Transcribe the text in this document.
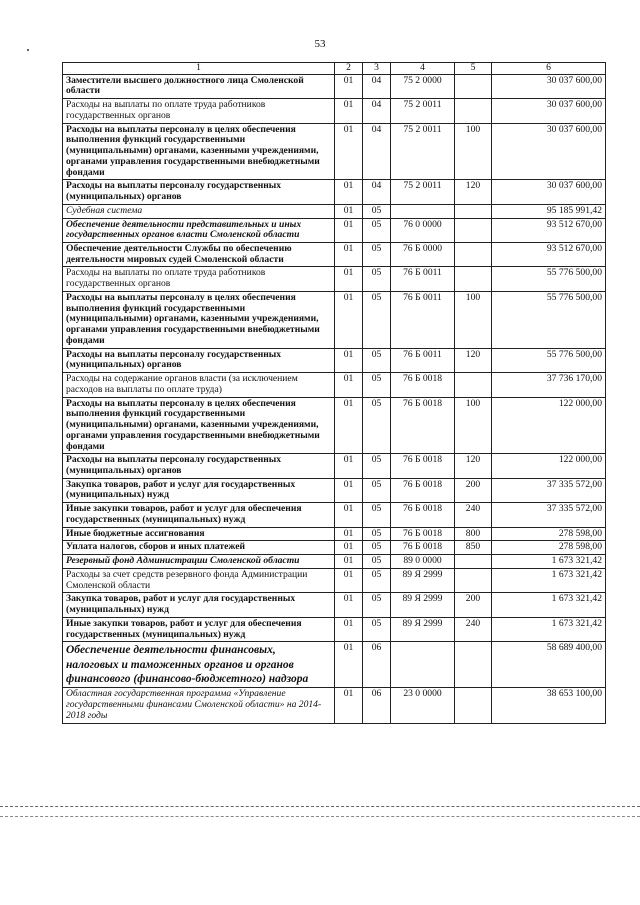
53
1	2	3	4	5	6
Заместители высшего должностного лица Смоленской области	01	04	75 2 0000		30 037 600,00
Расходы на выплаты по оплате труда работников государственных органов	01	04	75 2 0011		30 037 600,00
Расходы на выплаты персоналу в целях обеспечения выполнения функций государственными (муниципальными) органами, казенными учреждениями, органами управления государственными внебюджетными фондами	01	04	75 2 0011	100	30 037 600,00
Расходы на выплаты персоналу государственных (муниципальных) органов	01	04	75 2 0011	120	30 037 600,00
Судебная система	01	05			95 185 991,42
Обеспечение деятельности представительных и иных государственных органов власти Смоленской области	01	05	76 0 0000		93 512 670,00
Обеспечение деятельности Службы по обеспечению деятельности мировых судей Смоленской области	01	05	76 Б 0000		93 512 670,00
Расходы на выплаты по оплате труда работников государственных органов	01	05	76 Б 0011		55 776 500,00
Расходы на выплаты персоналу в целях обеспечения выполнения функций государственными (муниципальными) органами, казенными учреждениями, органами управления государственными внебюджетными фондами	01	05	76 Б 0011	100	55 776 500,00
Расходы на выплаты персоналу государственных (муниципальных) органов	01	05	76 Б 0011	120	55 776 500,00
Расходы на содержание органов власти (за исключением расходов на выплаты по оплате труда)	01	05	76 Б 0018		37 736 170,00
Расходы на выплаты персоналу в целях обеспечения выполнения функций государственными (муниципальными) органами, казенными учреждениями, органами управления государственными внебюджетными фондами	01	05	76 Б 0018	100	122 000,00
Расходы на выплаты персоналу государственных (муниципальных) органов	01	05	76 Б 0018	120	122 000,00
Закупка товаров, работ и услуг для государственных (муниципальных) нужд	01	05	76 Б 0018	200	37 335 572,00
Иные закупки товаров, работ и услуг для обеспечения государственных (муниципальных) нужд	01	05	76 Б 0018	240	37 335 572,00
Иные бюджетные ассигнования	01	05	76 Б 0018	800	278 598,00
Уплата налогов, сборов и иных платежей	01	05	76 Б 0018	850	278 598,00
Резервный фонд Администрации Смоленской области	01	05	89 0 0000		1 673 321,42
Расходы за счет средств резервного фонда Администрации Смоленской области	01	05	89 Я 2999		1 673 321,42
Закупка товаров, работ и услуг для государственных (муниципальных) нужд	01	05	89 Я 2999	200	1 673 321,42
Иные закупки товаров, работ и услуг для обеспечения государственных (муниципальных) нужд	01	05	89 Я 2999	240	1 673 321,42
Обеспечение деятельности финансовых, налоговых и таможенных органов и органов финансового (финансово-бюджетного) надзора	01	06			58 689 400,00
Областная государственная программа «Управление государственными финансами Смоленской области» на 2014-2018 годы	01	06	23 0 0000		38 653 100,00
